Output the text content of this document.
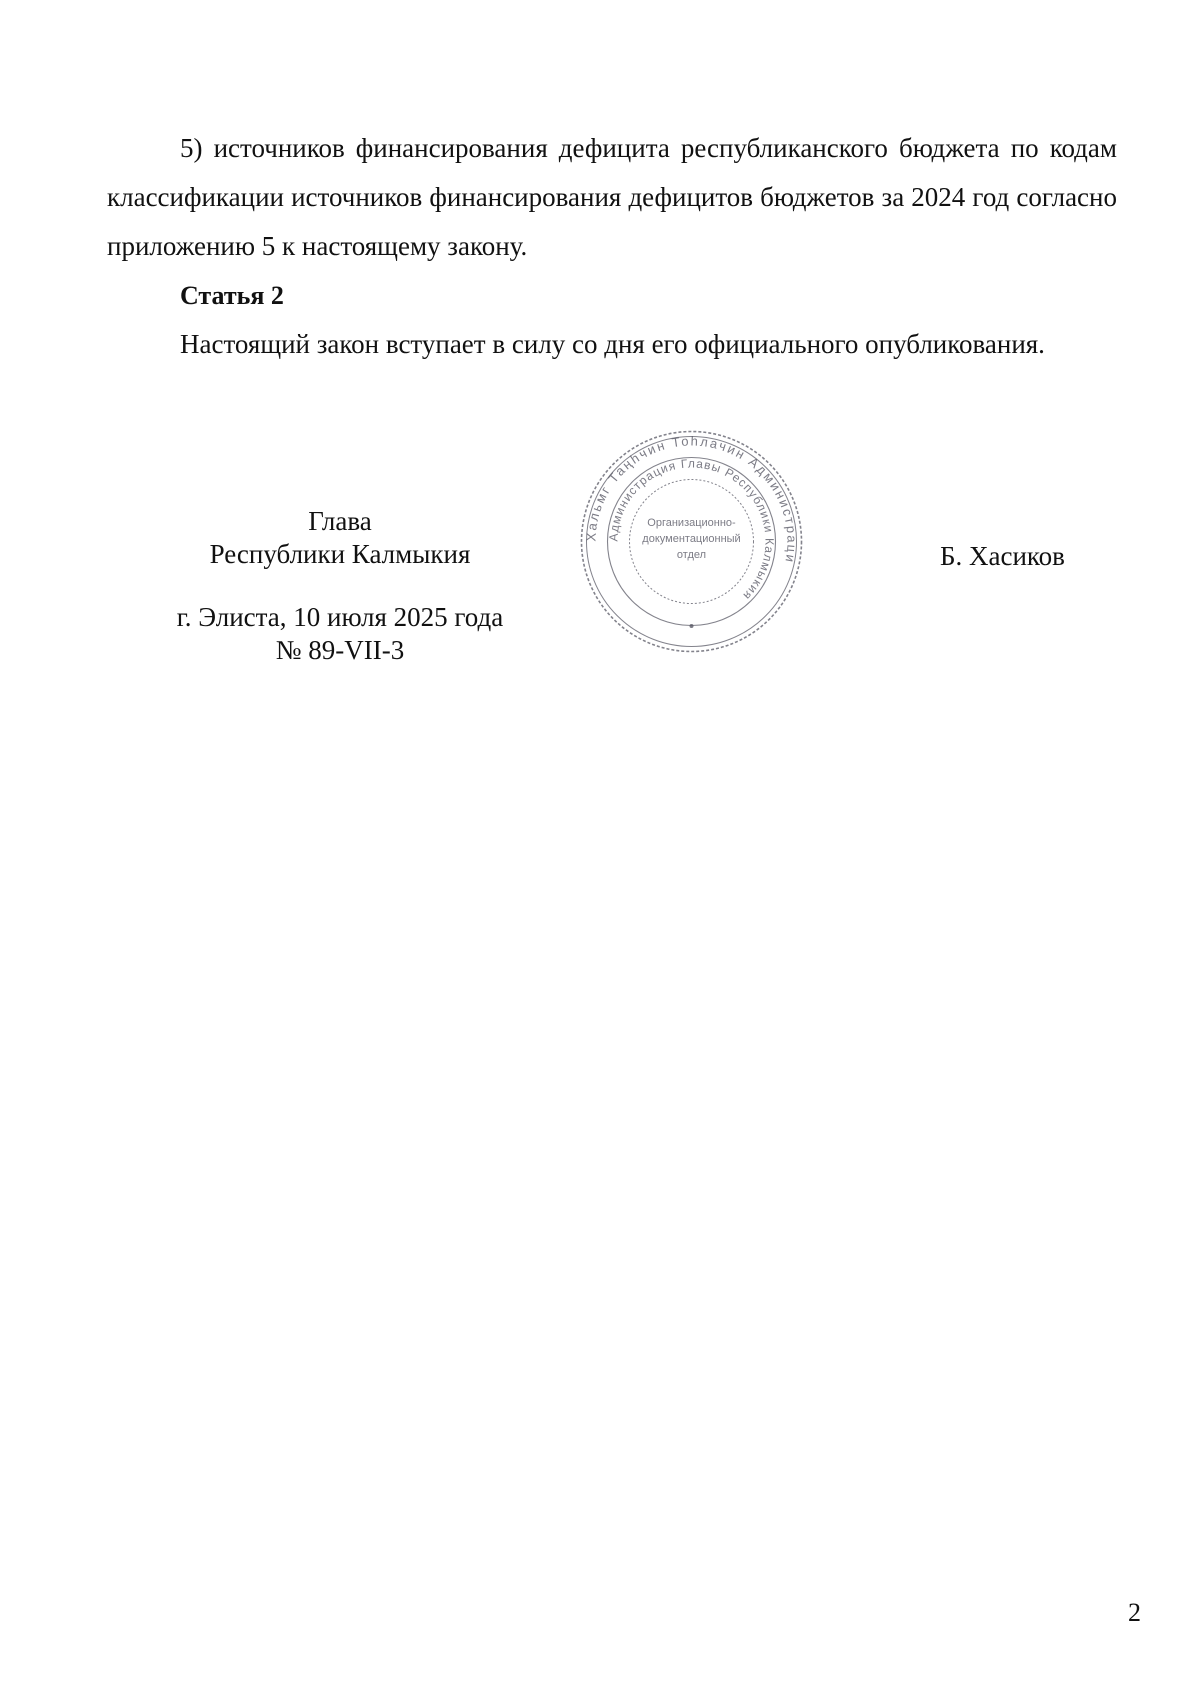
5) источников финансирования дефицита республиканского бюджета по кодам классификации источников финансирования дефицитов бюджетов за 2024 год согласно приложению 5 к настоящему закону.

Статья 2

Настоящий закон вступает в силу со дня его официального опубликования.

Глава
Республики Калмыкия
г. Элиста, 10 июля 2025 года
№ 89-VII-3
Б. Хасиков
Хальмг Таңһчин Тоһлачин Администраци
Администрация Главы Республики Калмыкия
Организационно-
документационный
отдел
2
